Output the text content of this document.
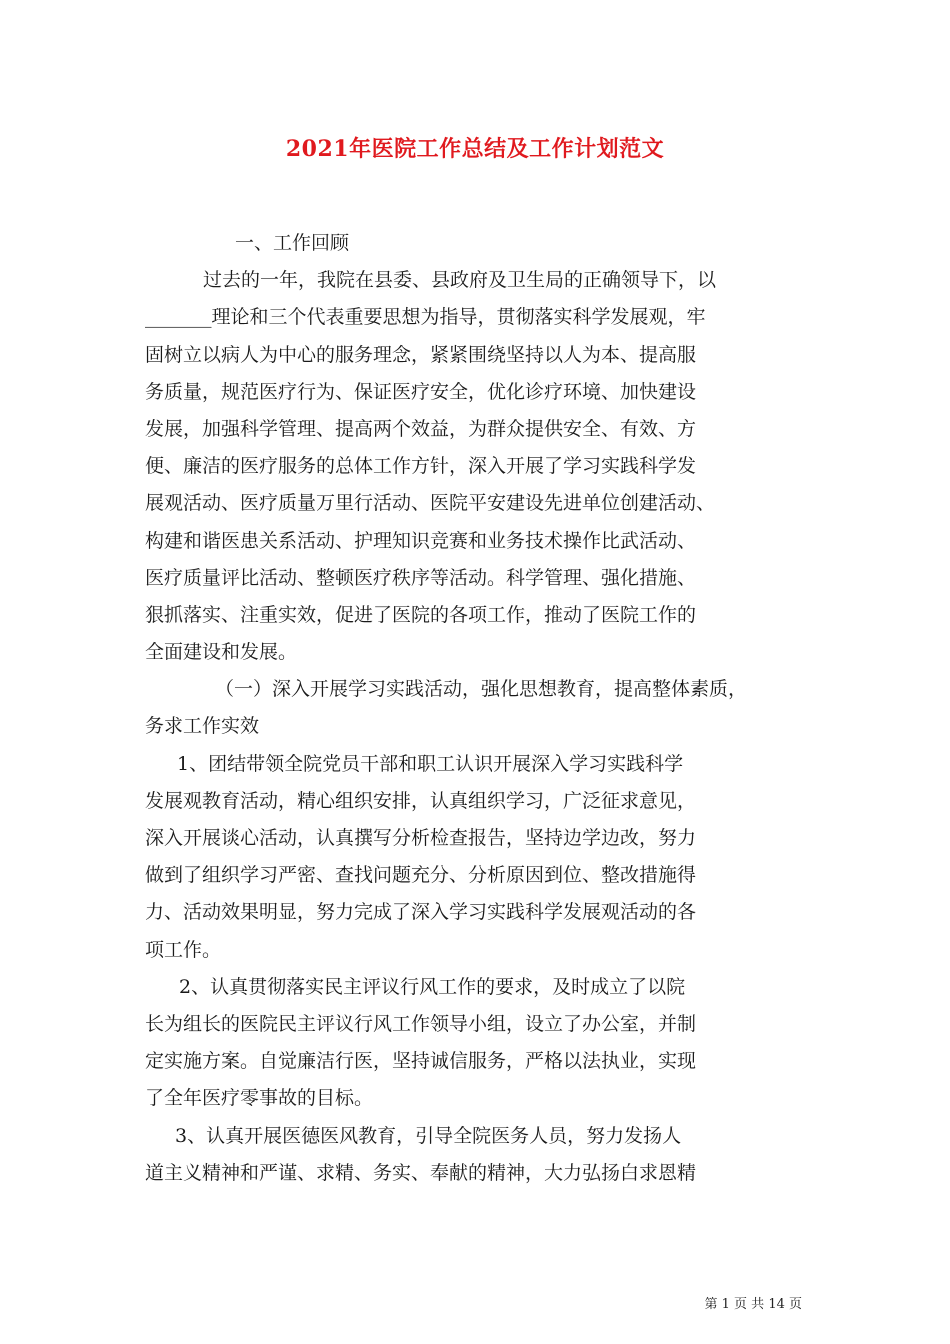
2021年医院工作总结及工作计划范文
一、工作回顾
过去的一年，我院在县委、县政府及卫生局的正确领导下，以
_______理论和三个代表重要思想为指导，贯彻落实科学发展观，牢
固树立以病人为中心的服务理念，紧紧围绕坚持以人为本、提高服
务质量，规范医疗行为、保证医疗安全，优化诊疗环境、加快建设
发展，加强科学管理、提高两个效益，为群众提供安全、有效、方
便、廉洁的医疗服务的总体工作方针，深入开展了学习实践科学发
展观活动、医疗质量万里行活动、医院平安建设先进单位创建活动、
构建和谐医患关系活动、护理知识竞赛和业务技术操作比武活动、
医疗质量评比活动、整顿医疗秩序等活动。科学管理、强化措施、
狠抓落实、注重实效，促进了医院的各项工作，推动了医院工作的
全面建设和发展。
（一）深入开展学习实践活动，强化思想教育，提高整体素质，
务求工作实效
1、团结带领全院党员干部和职工认识开展深入学习实践科学
发展观教育活动，精心组织安排，认真组织学习，广泛征求意见，
深入开展谈心活动，认真撰写分析检查报告，坚持边学边改，努力
做到了组织学习严密、查找问题充分、分析原因到位、整改措施得
力、活动效果明显，努力完成了深入学习实践科学发展观活动的各
项工作。
2、认真贯彻落实民主评议行风工作的要求，及时成立了以院
长为组长的医院民主评议行风工作领导小组，设立了办公室，并制
定实施方案。自觉廉洁行医，坚持诚信服务，严格以法执业，实现
了全年医疗零事故的目标。
3、认真开展医德医风教育，引导全院医务人员，努力发扬人
道主义精神和严谨、求精、务实、奉献的精神，大力弘扬白求恩精
第 1 页 共 14 页
